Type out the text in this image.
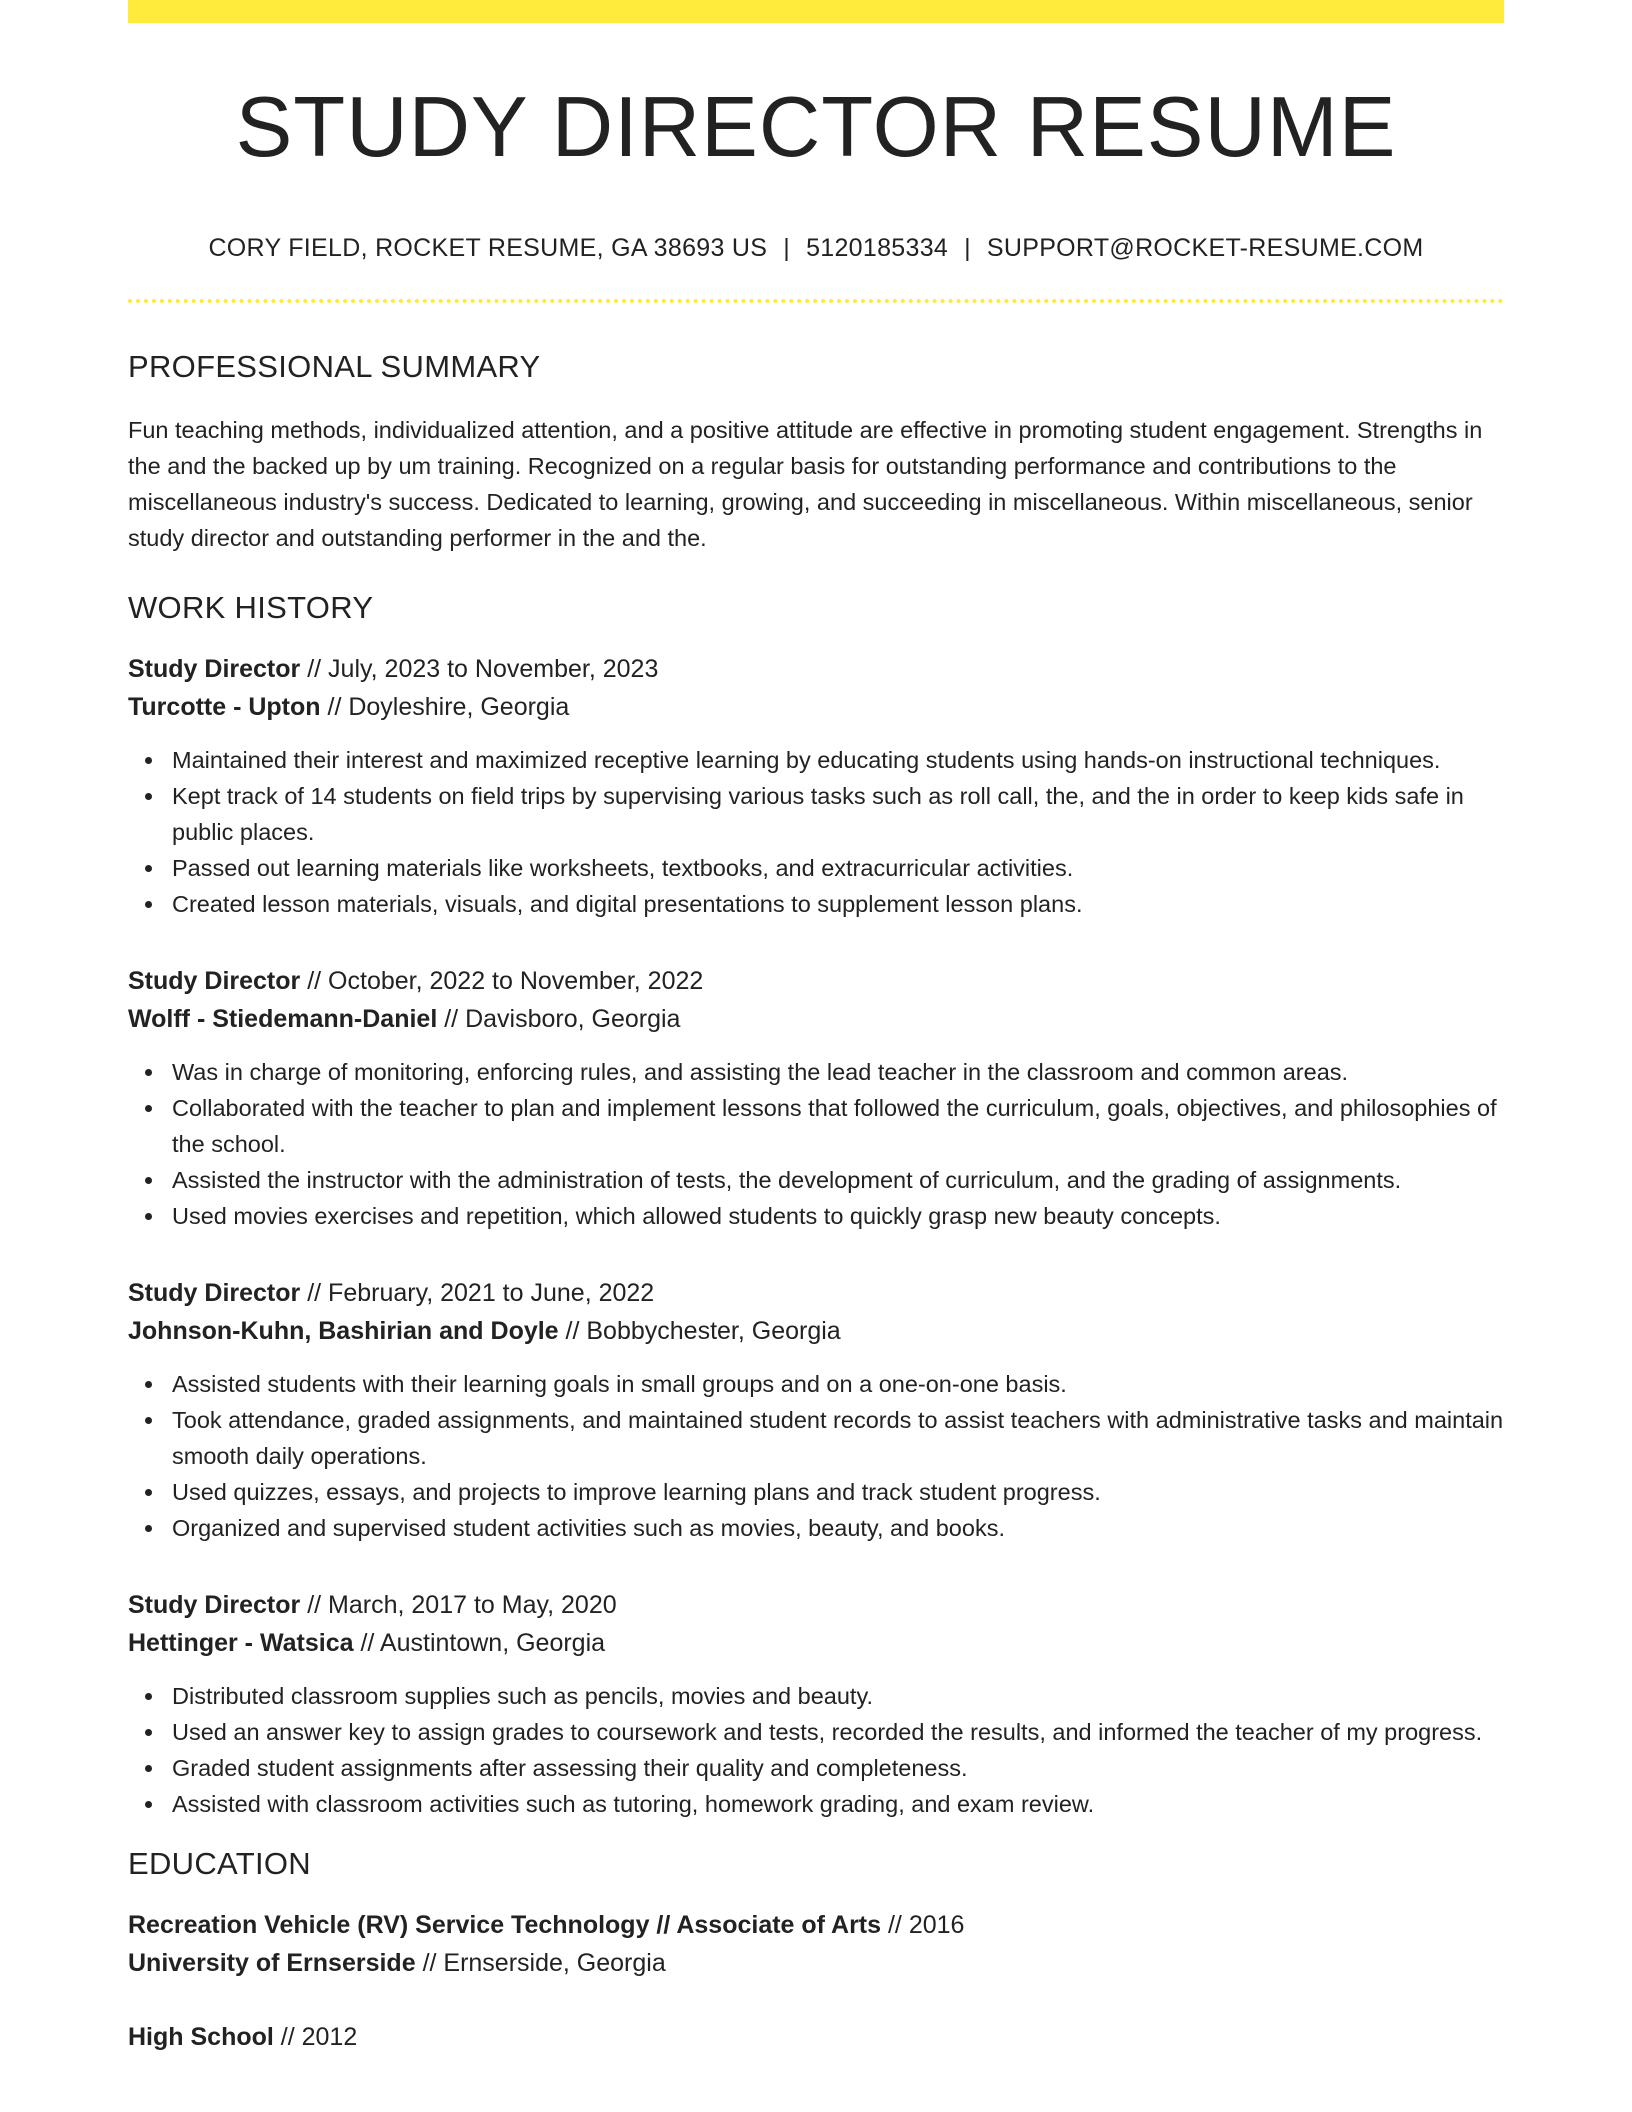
STUDY DIRECTOR RESUME
CORY FIELD, ROCKET RESUME, GA 38693 US | 5120185334 | SUPPORT@ROCKET-RESUME.COM
PROFESSIONAL SUMMARY
Fun teaching methods, individualized attention, and a positive attitude are effective in promoting student engagement. Strengths in the and the backed up by um training. Recognized on a regular basis for outstanding performance and contributions to the miscellaneous industry's success. Dedicated to learning, growing, and succeeding in miscellaneous. Within miscellaneous, senior study director and outstanding performer in the and the.
WORK HISTORY
Study Director // July, 2023 to November, 2023
Turcotte - Upton // Doyleshire, Georgia
Maintained their interest and maximized receptive learning by educating students using hands-on instructional techniques.
Kept track of 14 students on field trips by supervising various tasks such as roll call, the, and the in order to keep kids safe in public places.
Passed out learning materials like worksheets, textbooks, and extracurricular activities.
Created lesson materials, visuals, and digital presentations to supplement lesson plans.
Study Director // October, 2022 to November, 2022
Wolff - Stiedemann-Daniel // Davisboro, Georgia
Was in charge of monitoring, enforcing rules, and assisting the lead teacher in the classroom and common areas.
Collaborated with the teacher to plan and implement lessons that followed the curriculum, goals, objectives, and philosophies of the school.
Assisted the instructor with the administration of tests, the development of curriculum, and the grading of assignments.
Used movies exercises and repetition, which allowed students to quickly grasp new beauty concepts.
Study Director // February, 2021 to June, 2022
Johnson-Kuhn, Bashirian and Doyle // Bobbychester, Georgia
Assisted students with their learning goals in small groups and on a one-on-one basis.
Took attendance, graded assignments, and maintained student records to assist teachers with administrative tasks and maintain smooth daily operations.
Used quizzes, essays, and projects to improve learning plans and track student progress.
Organized and supervised student activities such as movies, beauty, and books.
Study Director // March, 2017 to May, 2020
Hettinger - Watsica // Austintown, Georgia
Distributed classroom supplies such as pencils, movies and beauty.
Used an answer key to assign grades to coursework and tests, recorded the results, and informed the teacher of my progress.
Graded student assignments after assessing their quality and completeness.
Assisted with classroom activities such as tutoring, homework grading, and exam review.
EDUCATION
Recreation Vehicle (RV) Service Technology // Associate of Arts // 2016
University of Ernserside // Ernserside, Georgia
High School // 2012
